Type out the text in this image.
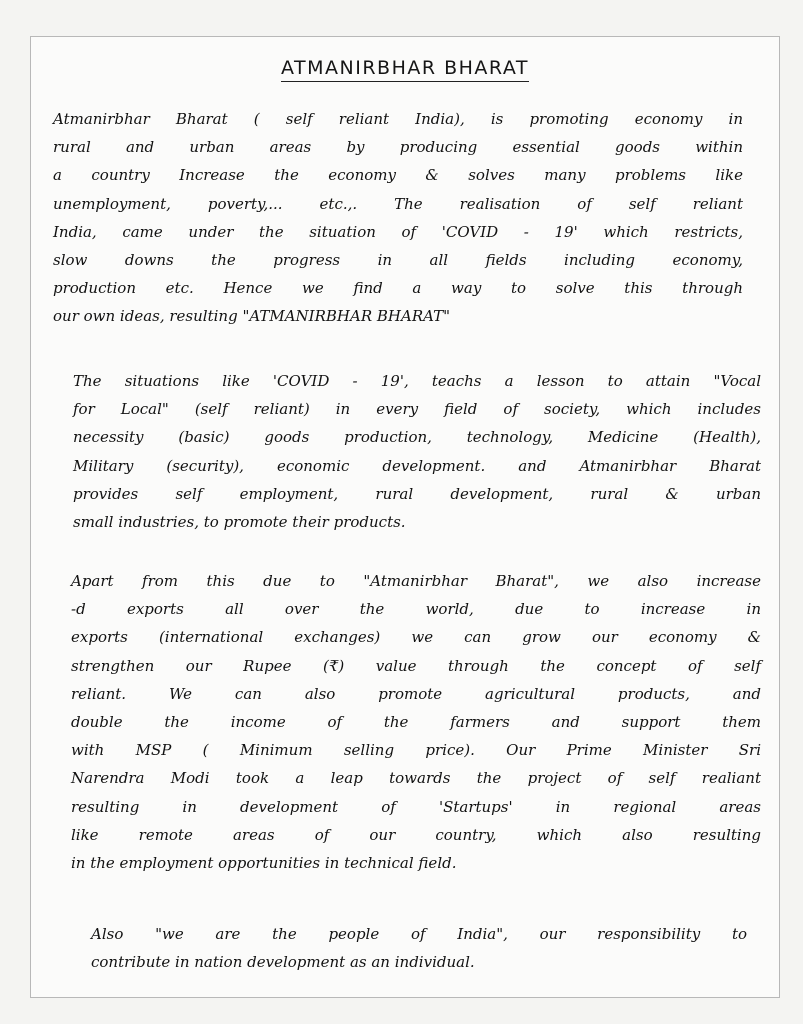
ATMANIRBHAR BHARAT

Atmanirbhar Bharat ( self reliant India), is promoting economy in
rural and urban areas by producing essential goods within
a country Increase the economy & solves many problems like
unemployment, poverty,... etc.,. The realisation of self reliant
India, came under the situation of 'COVID - 19' which restricts,
slow downs the progress in all fields including economy,
production etc. Hence we find a way to solve this through
our own ideas, resulting "ATMANIRBHAR BHARAT"

The situations like 'COVID - 19', teachs a lesson to attain "Vocal
for Local" (self reliant) in every field of society, which includes
necessity (basic) goods production, technology, Medicine (Health),
Military (security), economic development. and Atmanirbhar Bharat
provides self employment, rural development, rural & urban
small industries, to promote their products.

Apart from this due to "Atmanirbhar Bharat", we also increase
-d exports all over the world, due to increase in
exports (international exchanges) we can grow our economy &
strengthen our Rupee (₹) value through the concept of self
reliant. We can also promote agricultural products, and
double the income of the farmers and support them
with MSP ( Minimum selling price). Our Prime Minister Sri
Narendra Modi took a leap towards the project of self realiant
resulting in development of 'Startups' in regional areas
like remote areas of our country, which also resulting
in the employment opportunities in technical field.

Also "we are the people of India", our responsibility to
contribute in nation development as an individual.
